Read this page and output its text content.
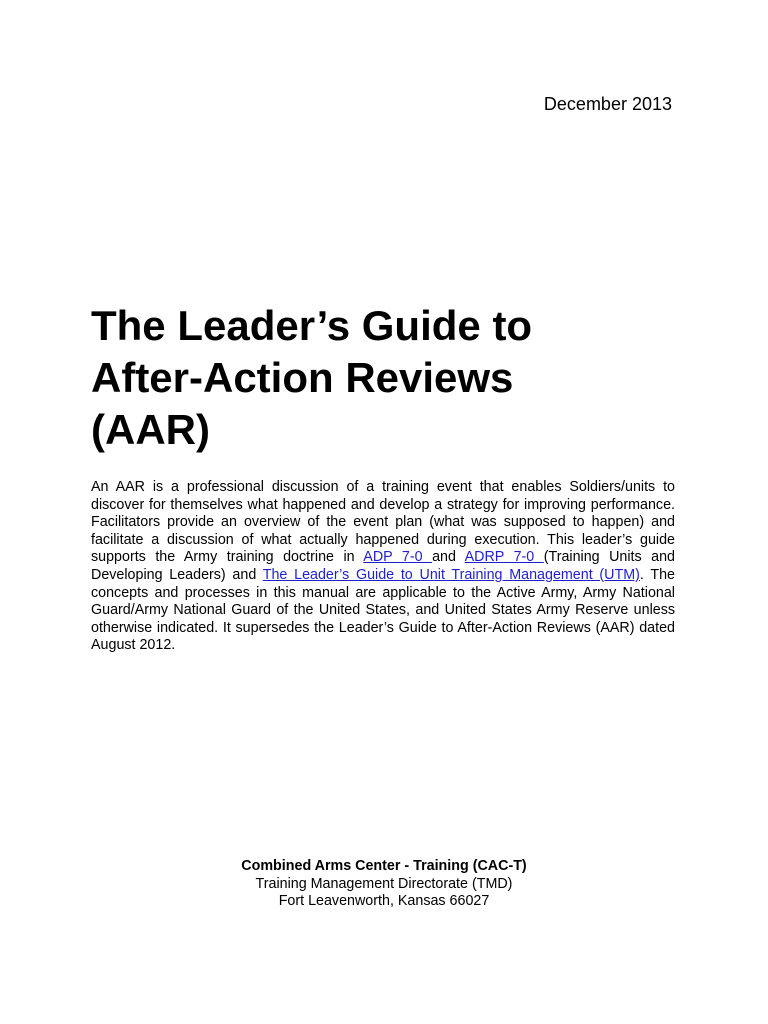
December 2013
The Leader’s Guide to
After-Action Reviews
(AAR)

An AAR is a professional discussion of a training event that enables Soldiers/units to discover for themselves what happened and develop a strategy for improving performance. Facilitators provide an overview of the event plan (what was supposed to happen) and facilitate a discussion of what actually happened during execution. This leader’s guide supports the Army training doctrine in ADP 7-0 and ADRP 7-0 (Training Units and Developing Leaders) and The Leader’s Guide to Unit Training Management (UTM). The concepts and processes in this manual are applicable to the Active Army, Army National Guard/Army National Guard of the United States, and United States Army Reserve unless otherwise indicated. It supersedes the Leader’s Guide to After-Action Reviews (AAR) dated August 2012.

Combined Arms Center - Training (CAC-T)
Training Management Directorate (TMD)
Fort Leavenworth, Kansas 66027
